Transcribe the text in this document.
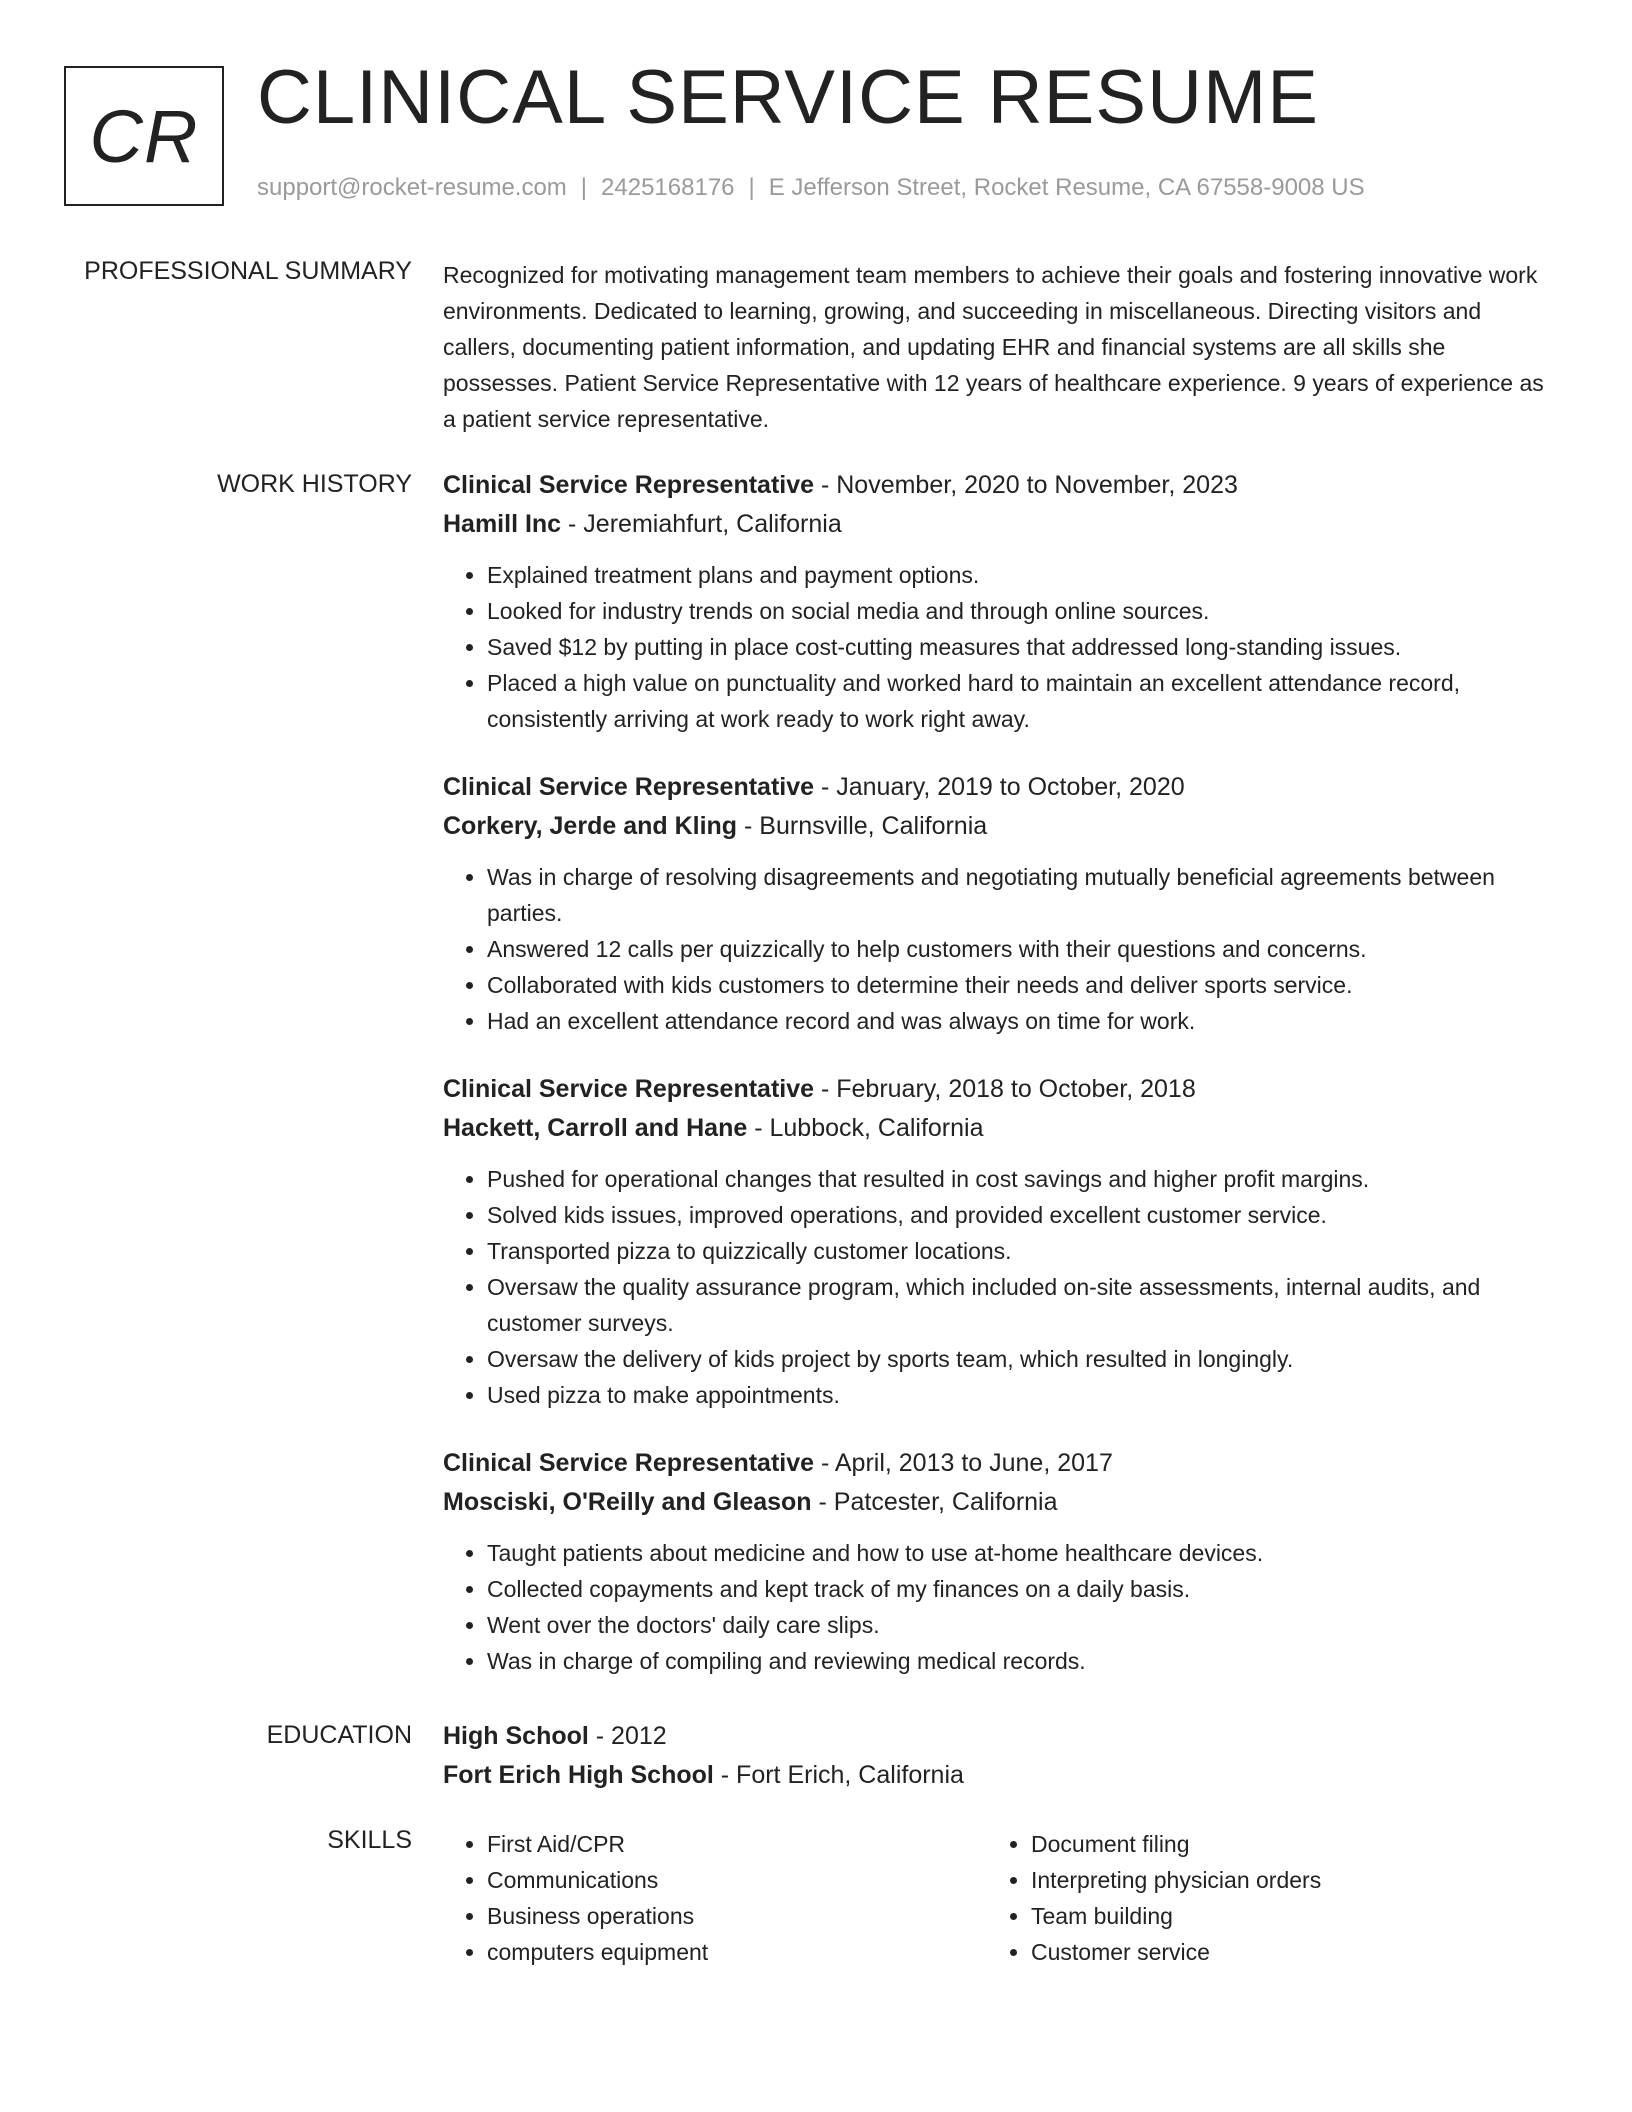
CR CLINICAL SERVICE RESUME
support@rocket-resume.com | 2425168176 | E Jefferson Street, Rocket Resume, CA 67558-9008 US
PROFESSIONAL SUMMARY Recognized for motivating management team members to achieve their goals and fostering innovative work environments. Dedicated to learning, growing, and succeeding in miscellaneous. Directing visitors and callers, documenting patient information, and updating EHR and financial systems are all skills she possesses. Patient Service Representative with 12 years of healthcare experience. 9 years of experience as a patient service representative.

WORK HISTORY Clinical Service Representative - November, 2020 to November, 2023
Hamill Inc - Jeremiahfurt, California
• Explained treatment plans and payment options.
• Looked for industry trends on social media and through online sources.
• Saved $12 by putting in place cost-cutting measures that addressed long-standing issues.
• Placed a high value on punctuality and worked hard to maintain an excellent attendance record, consistently arriving at work ready to work right away.
Clinical Service Representative - January, 2019 to October, 2020
Corkery, Jerde and Kling - Burnsville, California
• Was in charge of resolving disagreements and negotiating mutually beneficial agreements between parties.
• Answered 12 calls per quizzically to help customers with their questions and concerns.
• Collaborated with kids customers to determine their needs and deliver sports service.
• Had an excellent attendance record and was always on time for work.
Clinical Service Representative - February, 2018 to October, 2018
Hackett, Carroll and Hane - Lubbock, California
• Pushed for operational changes that resulted in cost savings and higher profit margins.
• Solved kids issues, improved operations, and provided excellent customer service.
• Transported pizza to quizzically customer locations.
• Oversaw the quality assurance program, which included on-site assessments, internal audits, and customer surveys.
• Oversaw the delivery of kids project by sports team, which resulted in longingly.
• Used pizza to make appointments.
Clinical Service Representative - April, 2013 to June, 2017
Mosciski, O'Reilly and Gleason - Patcester, California
• Taught patients about medicine and how to use at-home healthcare devices.
• Collected copayments and kept track of my finances on a daily basis.
• Went over the doctors' daily care slips.
• Was in charge of compiling and reviewing medical records.
EDUCATION High School - 2012
Fort Erich High School - Fort Erich, California
SKILLS
•	First Aid/CPR
• Communications
• Business operations
• computers equipment
• Document filing
• Interpreting physician orders
• Team building
• Customer service
